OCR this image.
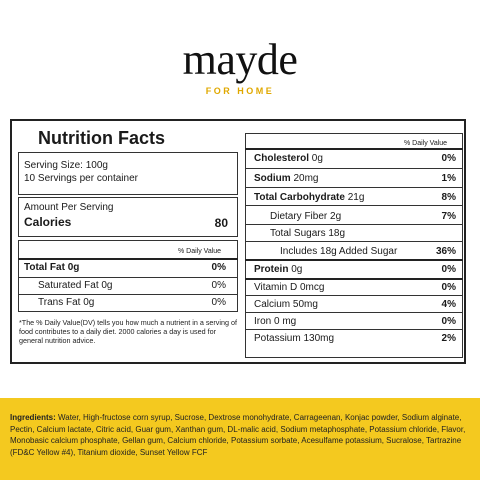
mayde
FOR HOME
Nutrition Facts
Serving Size: 100g
10 Servings per container
Amount Per Serving
Calories	80
% Daily Value
Total Fat 0g	0%
Saturated Fat 0g	0%
Trans Fat 0g	0%
*The % Daily Value(DV) tells you how much a nutrient in a serving of food contributes to a daily diet. 2000 calories a day is used for general nutrition advice.
% Daily Value
Cholesterol 0g	0%
Sodium 20mg	1%
Total Carbohydrate 21g	8%
Dietary Fiber 2g	7%
Total Sugars 18g
Includes 18g Added Sugar	36%
Protein 0g	0%
Vitamin D 0mcg	0%
Calcium 50mg	4%
Iron 0 mg	0%
Potassium 130mg	2%
Ingredients: Water, High-fructose corn syrup, Sucrose, Dextrose monohydrate, Carrageenan, Konjac powder, Sodium alginate, Pectin, Calcium lactate, Citric acid, Guar gum, Xanthan gum, DL-malic acid, Sodium metaphosphate, Potassium chloride, Flavor, Monobasic calcium phosphate, Gellan gum, Calcium chloride, Potassium sorbate, Acesulfame potassium, Sucralose, Tartrazine (FD&C Yellow #4), Titanium dioxide, Sunset Yellow FCF
